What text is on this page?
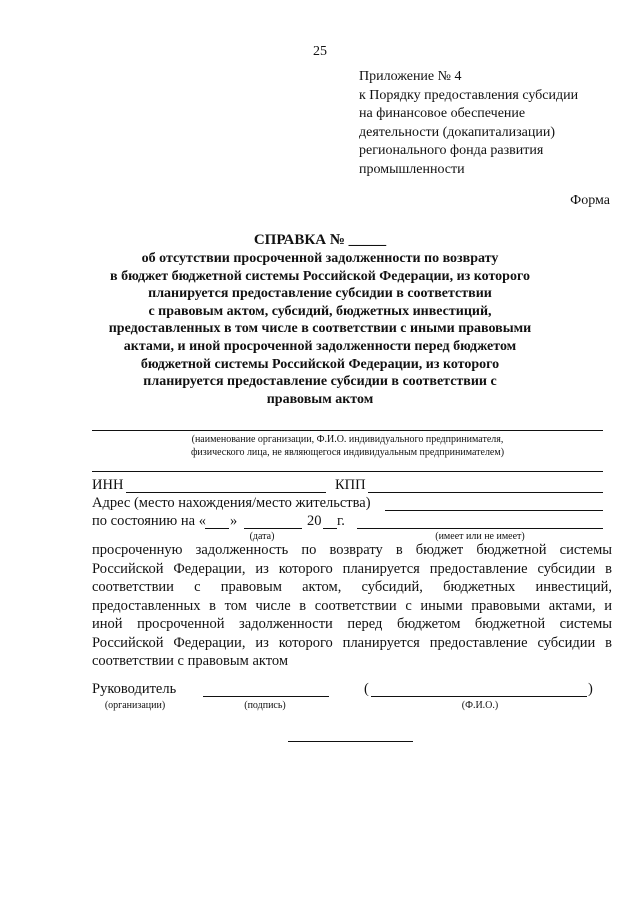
25
Приложение № 4
к Порядку предоставления субсидии
на финансовое обеспечение
деятельности (докапитализации)
регионального фонда развития
промышленности
Форма
СПРАВКА № _____
об отсутствии просроченной задолженности по возврату
в бюджет бюджетной системы Российской Федерации, из которого
планируется предоставление субсидии в соответствии
с правовым актом, субсидий, бюджетных инвестиций,
предоставленных в том числе в соответствии с иными правовыми
актами, и иной просроченной задолженности перед бюджетом
бюджетной системы Российской Федерации, из которого
планируется предоставление субсидии в соответствии с
правовым актом
(наименование организации, Ф.И.О. индивидуального предпринимателя,
физического лица, не являющегося индивидуальным предпринимателем)
ИНН	КПП
Адрес (место нахождения/место жительства)
по состоянию на « »	20 г.
(дата)	(имеет или не имеет)
просроченную задолженность по возврату в бюджет бюджетной системы
Российской Федерации, из которого планируется предоставление субсидии в
соответствии с правовым актом, субсидий, бюджетных инвестиций,
предоставленных в том числе в соответствии с иными правовыми актами, и
иной просроченной задолженности перед бюджетом бюджетной системы
Российской Федерации, из которого планируется предоставление субсидии в
соответствии с правовым актом
Руководитель	(	)
(организации)	(подпись)	(Ф.И.О.)
